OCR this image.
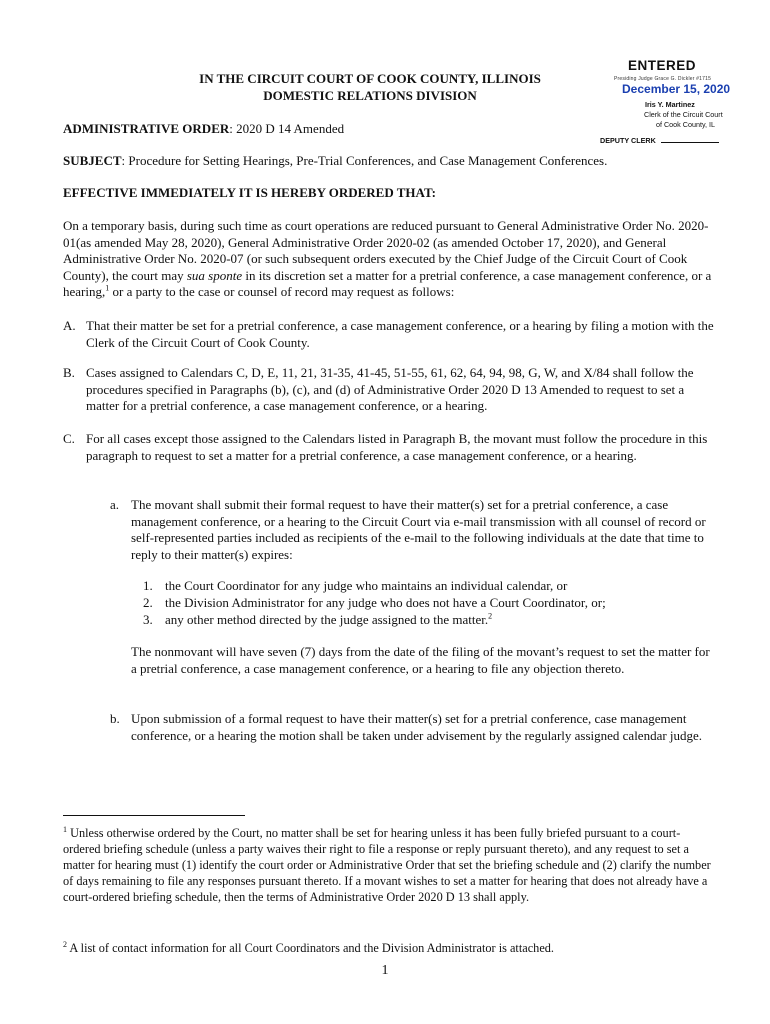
IN THE CIRCUIT COURT OF COOK COUNTY, ILLINOIS
DOMESTIC RELATIONS DIVISION
ENTERED
Presiding Judge Grace G. Dickler #1715
December 15, 2020
Iris Y. Martinez
Clerk of the Circuit Court
of Cook County, IL
DEPUTY CLERK
ADMINISTRATIVE ORDER: 2020 D 14 Amended
SUBJECT: Procedure for Setting Hearings, Pre-Trial Conferences, and Case Management Conferences.
EFFECTIVE IMMEDIATELY IT IS HEREBY ORDERED THAT:

On a temporary basis, during such time as court operations are reduced pursuant to General Administrative Order No. 2020-01(as amended May 28, 2020), General Administrative Order 2020-02 (as amended October 17, 2020), and General Administrative Order No. 2020-07 (or such subsequent orders executed by the Chief Judge of the Circuit Court of Cook County), the court may sua sponte in its discretion set a matter for a pretrial conference, a case management conference, or a hearing,$^1$ or a party to the case or counsel of record may request as follows:

A. That their matter be set for a pretrial conference, a case management conference, or a hearing by filing a motion with the Clerk of the Circuit Court of Cook County.

B. Cases assigned to Calendars C, D, E, 11, 21, 31-35, 41-45, 51-55, 61, 62, 64, 94, 98, G, W, and X/84 shall follow the procedures specified in Paragraphs (b), (c), and (d) of Administrative Order 2020 D 13 Amended to request to set a matter for a pretrial conference, a case management conference, or a hearing.

C. For all cases except those assigned to the Calendars listed in Paragraph B, the movant must follow the procedure in this paragraph to request to set a matter for a pretrial conference, a case management conference, or a hearing.

a. The movant shall submit their formal request to have their matter(s) set for a pretrial conference, a case management conference, or a hearing to the Circuit Court via e-mail transmission with all counsel of record or self-represented parties included as recipients of the e-mail to the following individuals at the date that time to reply to their matter(s) expires:

1. the Court Coordinator for any judge who maintains an individual calendar, or
2. the Division Administrator for any judge who does not have a Court Coordinator, or;
3. any other method directed by the judge assigned to the matter.$^2$

The nonmovant will have seven (7) days from the date of the filing of the movant’s request to set the matter for a pretrial conference, a case management conference, or a hearing to file any objection thereto.

b. Upon submission of a formal request to have their matter(s) set for a pretrial conference, case management conference, or a hearing the motion shall be taken under advisement by the regularly assigned calendar judge.

$^1$ Unless otherwise ordered by the Court, no matter shall be set for hearing unless it has been fully briefed pursuant to a court-ordered briefing schedule (unless a party waives their right to file a response or reply pursuant thereto), and any request to set a matter for hearing must (1) identify the court order or Administrative Order that set the briefing schedule and (2) clarify the number of days remaining to file any responses pursuant thereto. If a movant wishes to set a matter for hearing that does not already have a court-ordered briefing schedule, then the terms of Administrative Order 2020 D 13 shall apply.

$^2$ A list of contact information for all Court Coordinators and the Division Administrator is attached.

1
